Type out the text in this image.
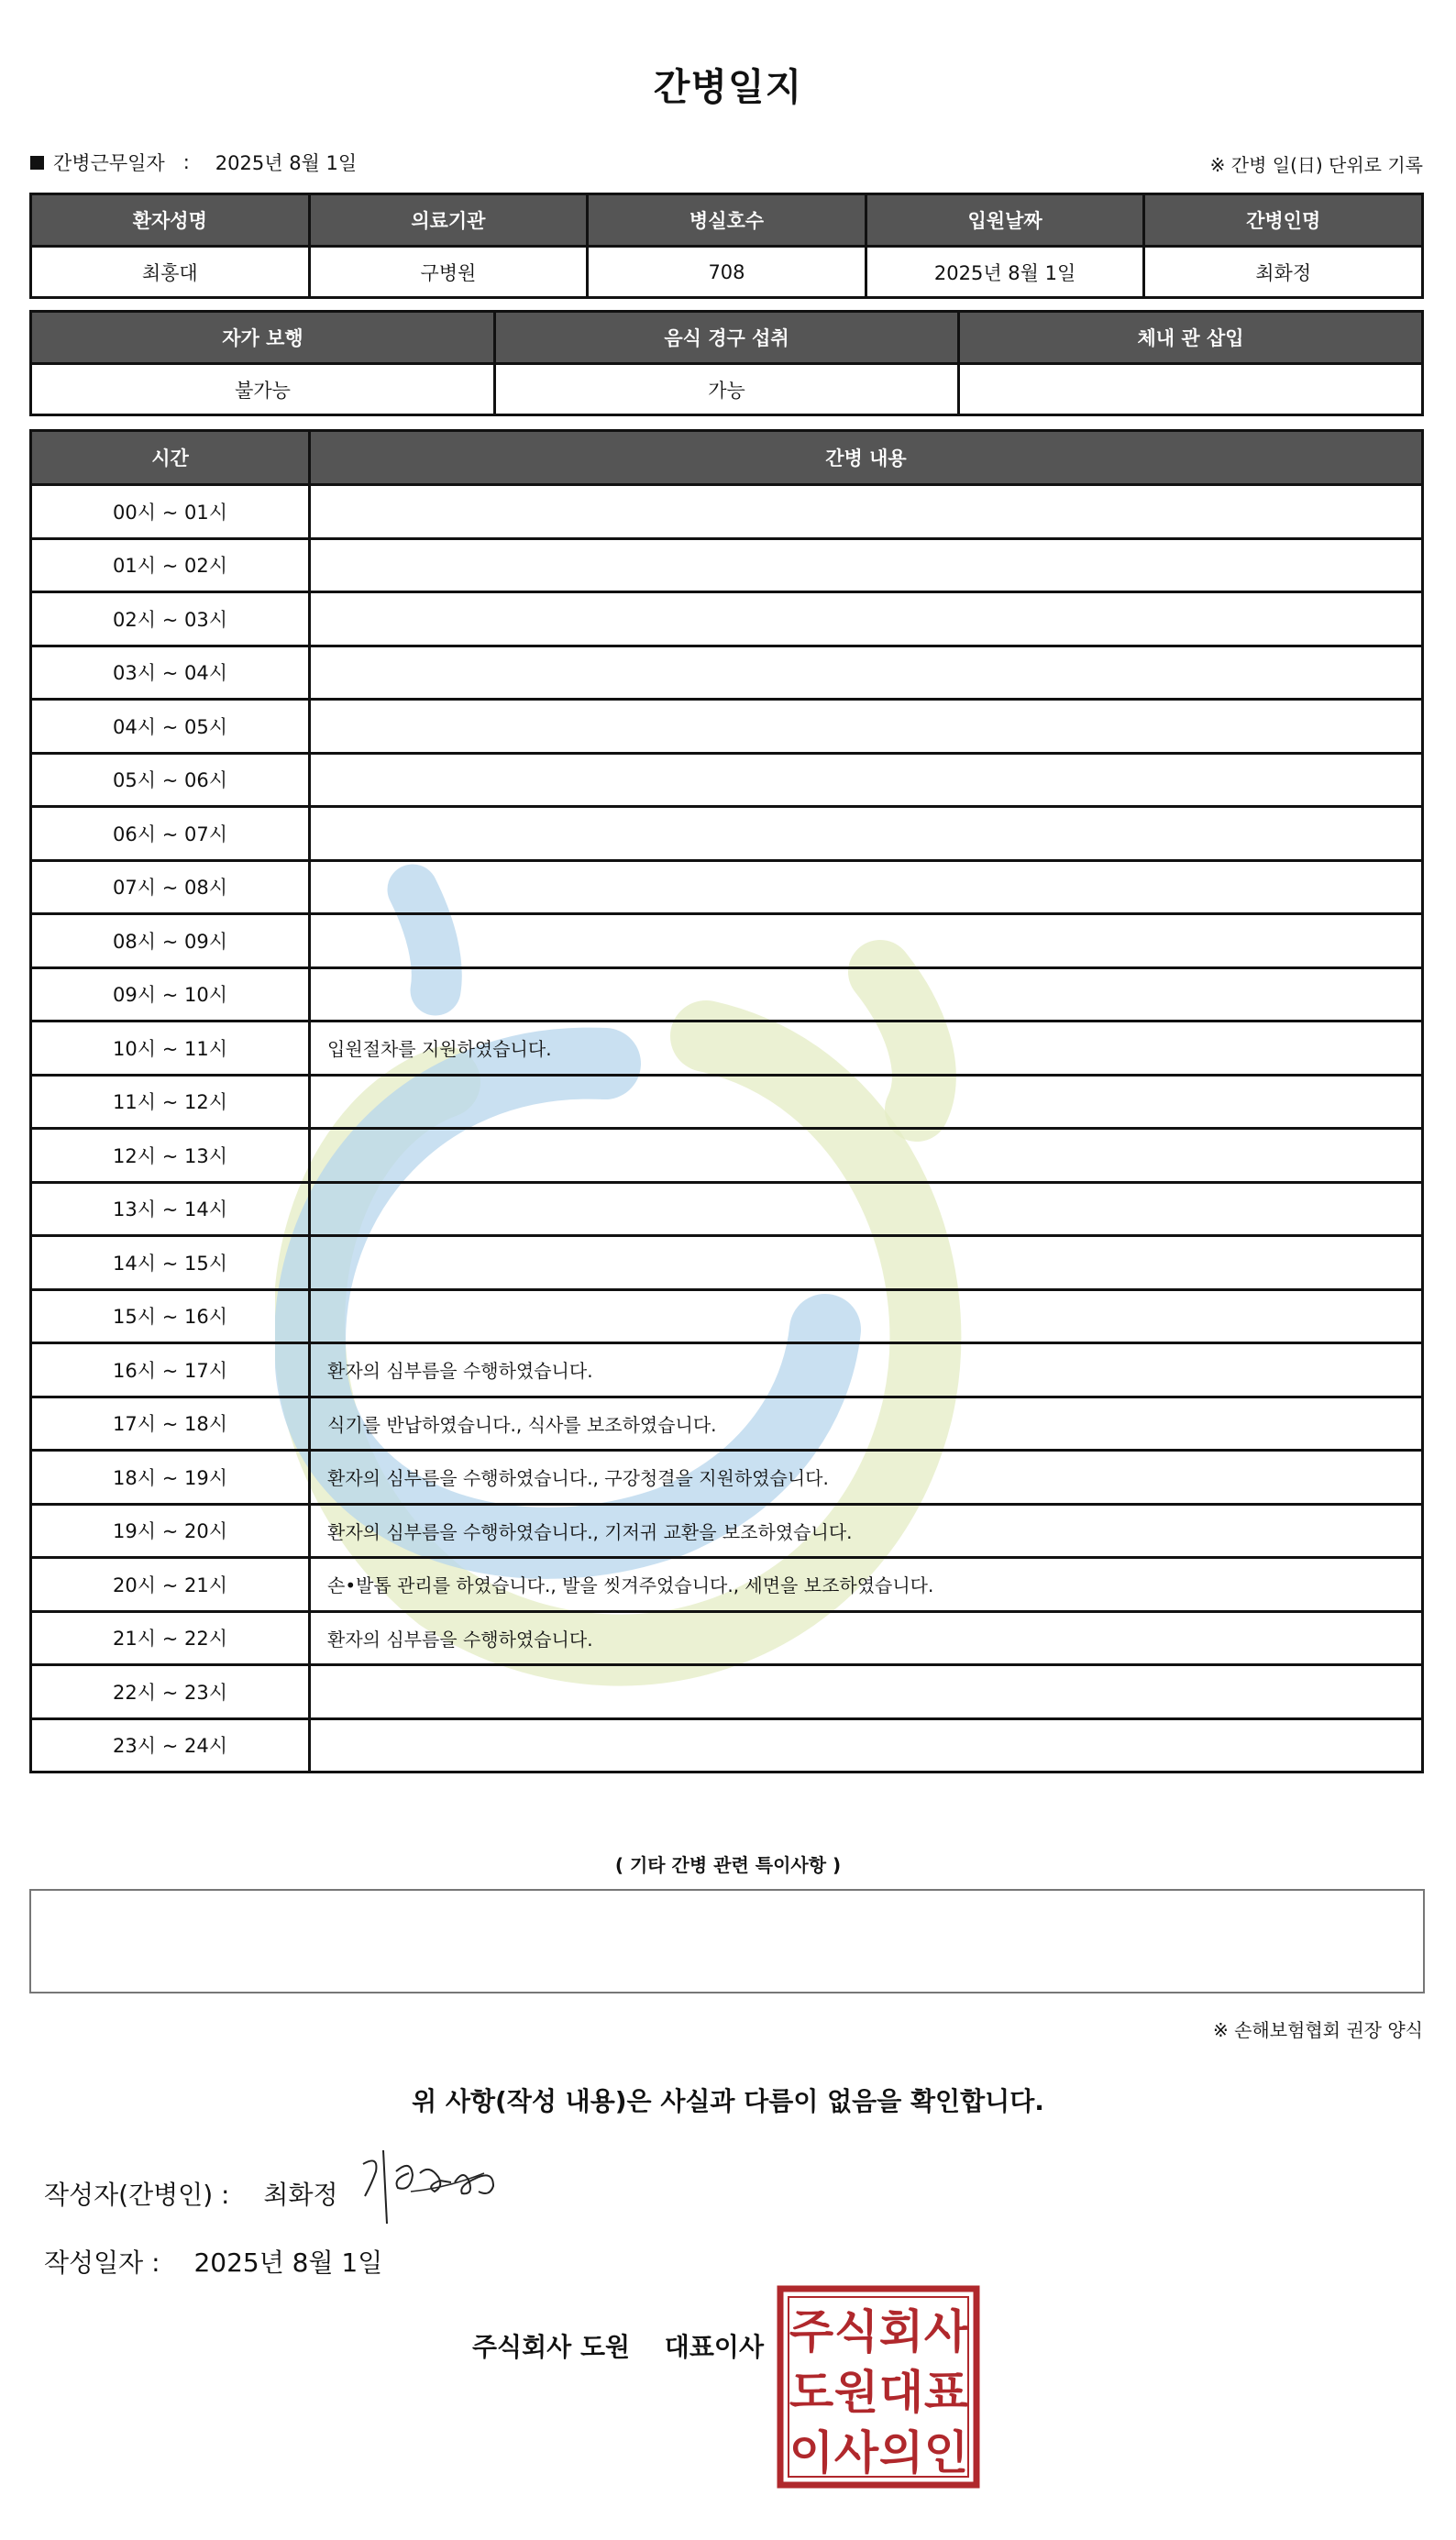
간병일지
간병근무일자 : 2025년 8월 1일	※ 간병 일(日) 단위로 기록
환자성명	의료기관	병실호수	입원날짜	간병인명
최홍대	구병원	708	2025년 8월 1일	최화정
자가 보행	음식 경구 섭취	체내 관 삽입
불가능	가능	
시간	간병 내용
00시 ~ 01시	
01시 ~ 02시	
02시 ~ 03시	
03시 ~ 04시	
04시 ~ 05시	
05시 ~ 06시	
06시 ~ 07시	
07시 ~ 08시	
08시 ~ 09시	
09시 ~ 10시	
10시 ~ 11시	입원절차를 지원하였습니다.
11시 ~ 12시	
12시 ~ 13시	
13시 ~ 14시	
14시 ~ 15시	
15시 ~ 16시	
16시 ~ 17시	환자의 심부름을 수행하였습니다.
17시 ~ 18시	식기를 반납하였습니다., 식사를 보조하였습니다.
18시 ~ 19시	환자의 심부름을 수행하였습니다., 구강청결을 지원하였습니다.
19시 ~ 20시	환자의 심부름을 수행하였습니다., 기저귀 교환을 보조하였습니다.
20시 ~ 21시	손•발톱 관리를 하였습니다., 발을 씻겨주었습니다., 세면을 보조하였습니다.
21시 ~ 22시	환자의 심부름을 수행하였습니다.
22시 ~ 23시	
23시 ~ 24시	
( 기타 간병 관련 특이사항 )
※ 손해보험협회 권장 양식
위 사항(작성 내용)은 사실과 다름이 없음을 확인합니다.
작성자(간병인) : 최화정
작성일자 : 2025년 8월 1일
주식회사 도원 대표이사 주 식 회 사
도 원 대 표
이 사 의 인
